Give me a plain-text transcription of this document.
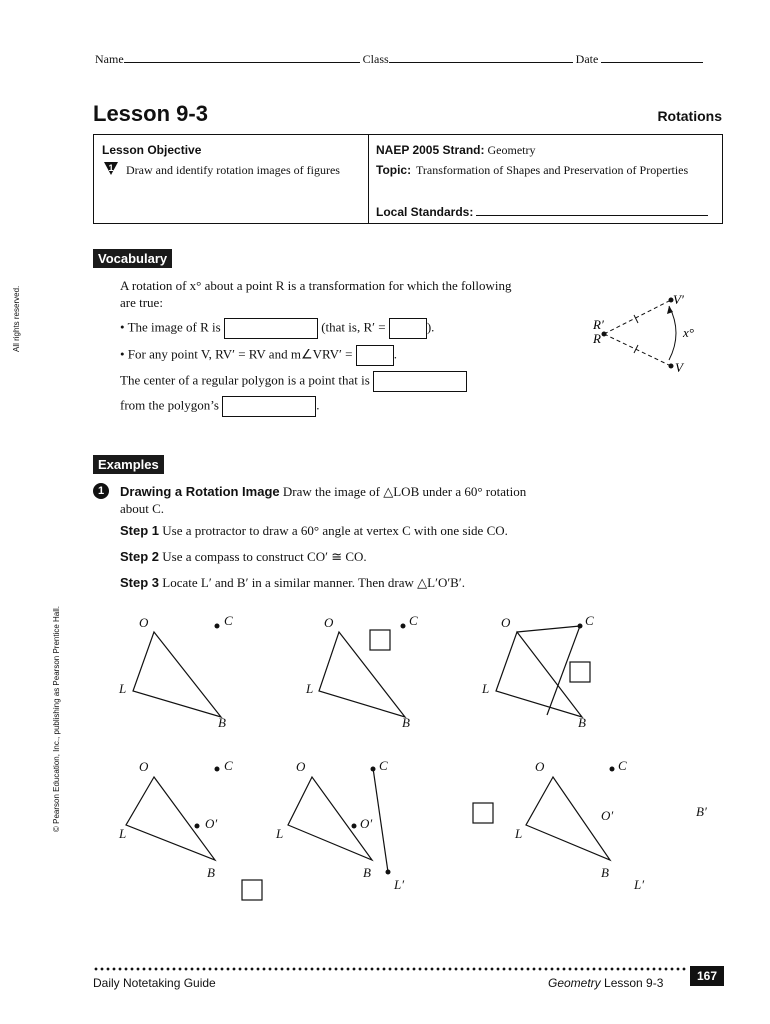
All rights reserved.
© Pearson Education, Inc., publishing as Pearson Prentice Hall.
Name	Class	Date
Lesson 9-3	Rotations
Lesson Objective
1 Draw and identify rotation images of figures
NAEP 2005 Strand: Geometry
Topic: Transformation of Shapes and Preservation of Properties
Local Standards:
Vocabulary
A rotation of x° about a point R is a transformation for which the following
are true:
• The image of R is	(that is, R′ =	).
• For any point V, RV′ = RV and m∠VRV′ =	.
The center of a regular polygon is a point that is
from the polygon’s	.
V′
R′
R	x°
V
Examples
1	Drawing a Rotation Image Draw the image of △LOB under a 60° rotation
about C.
Step 1 Use a protractor to draw a 60° angle at vertex C with one side CO.
Step 2 Use a compass to construct CO′ ≅ CO.
Step 3 Locate L′ and B′ in a similar manner. Then draw △L′O′B′.
O	C
L
B
O	C
L
B
O	C
L
B
O	C
L
O′
B
O	C
L
O′
B
L′
O	C
L
O′	B′
B
L′
Daily Notetaking Guide	Geometry Lesson 9-3	167
